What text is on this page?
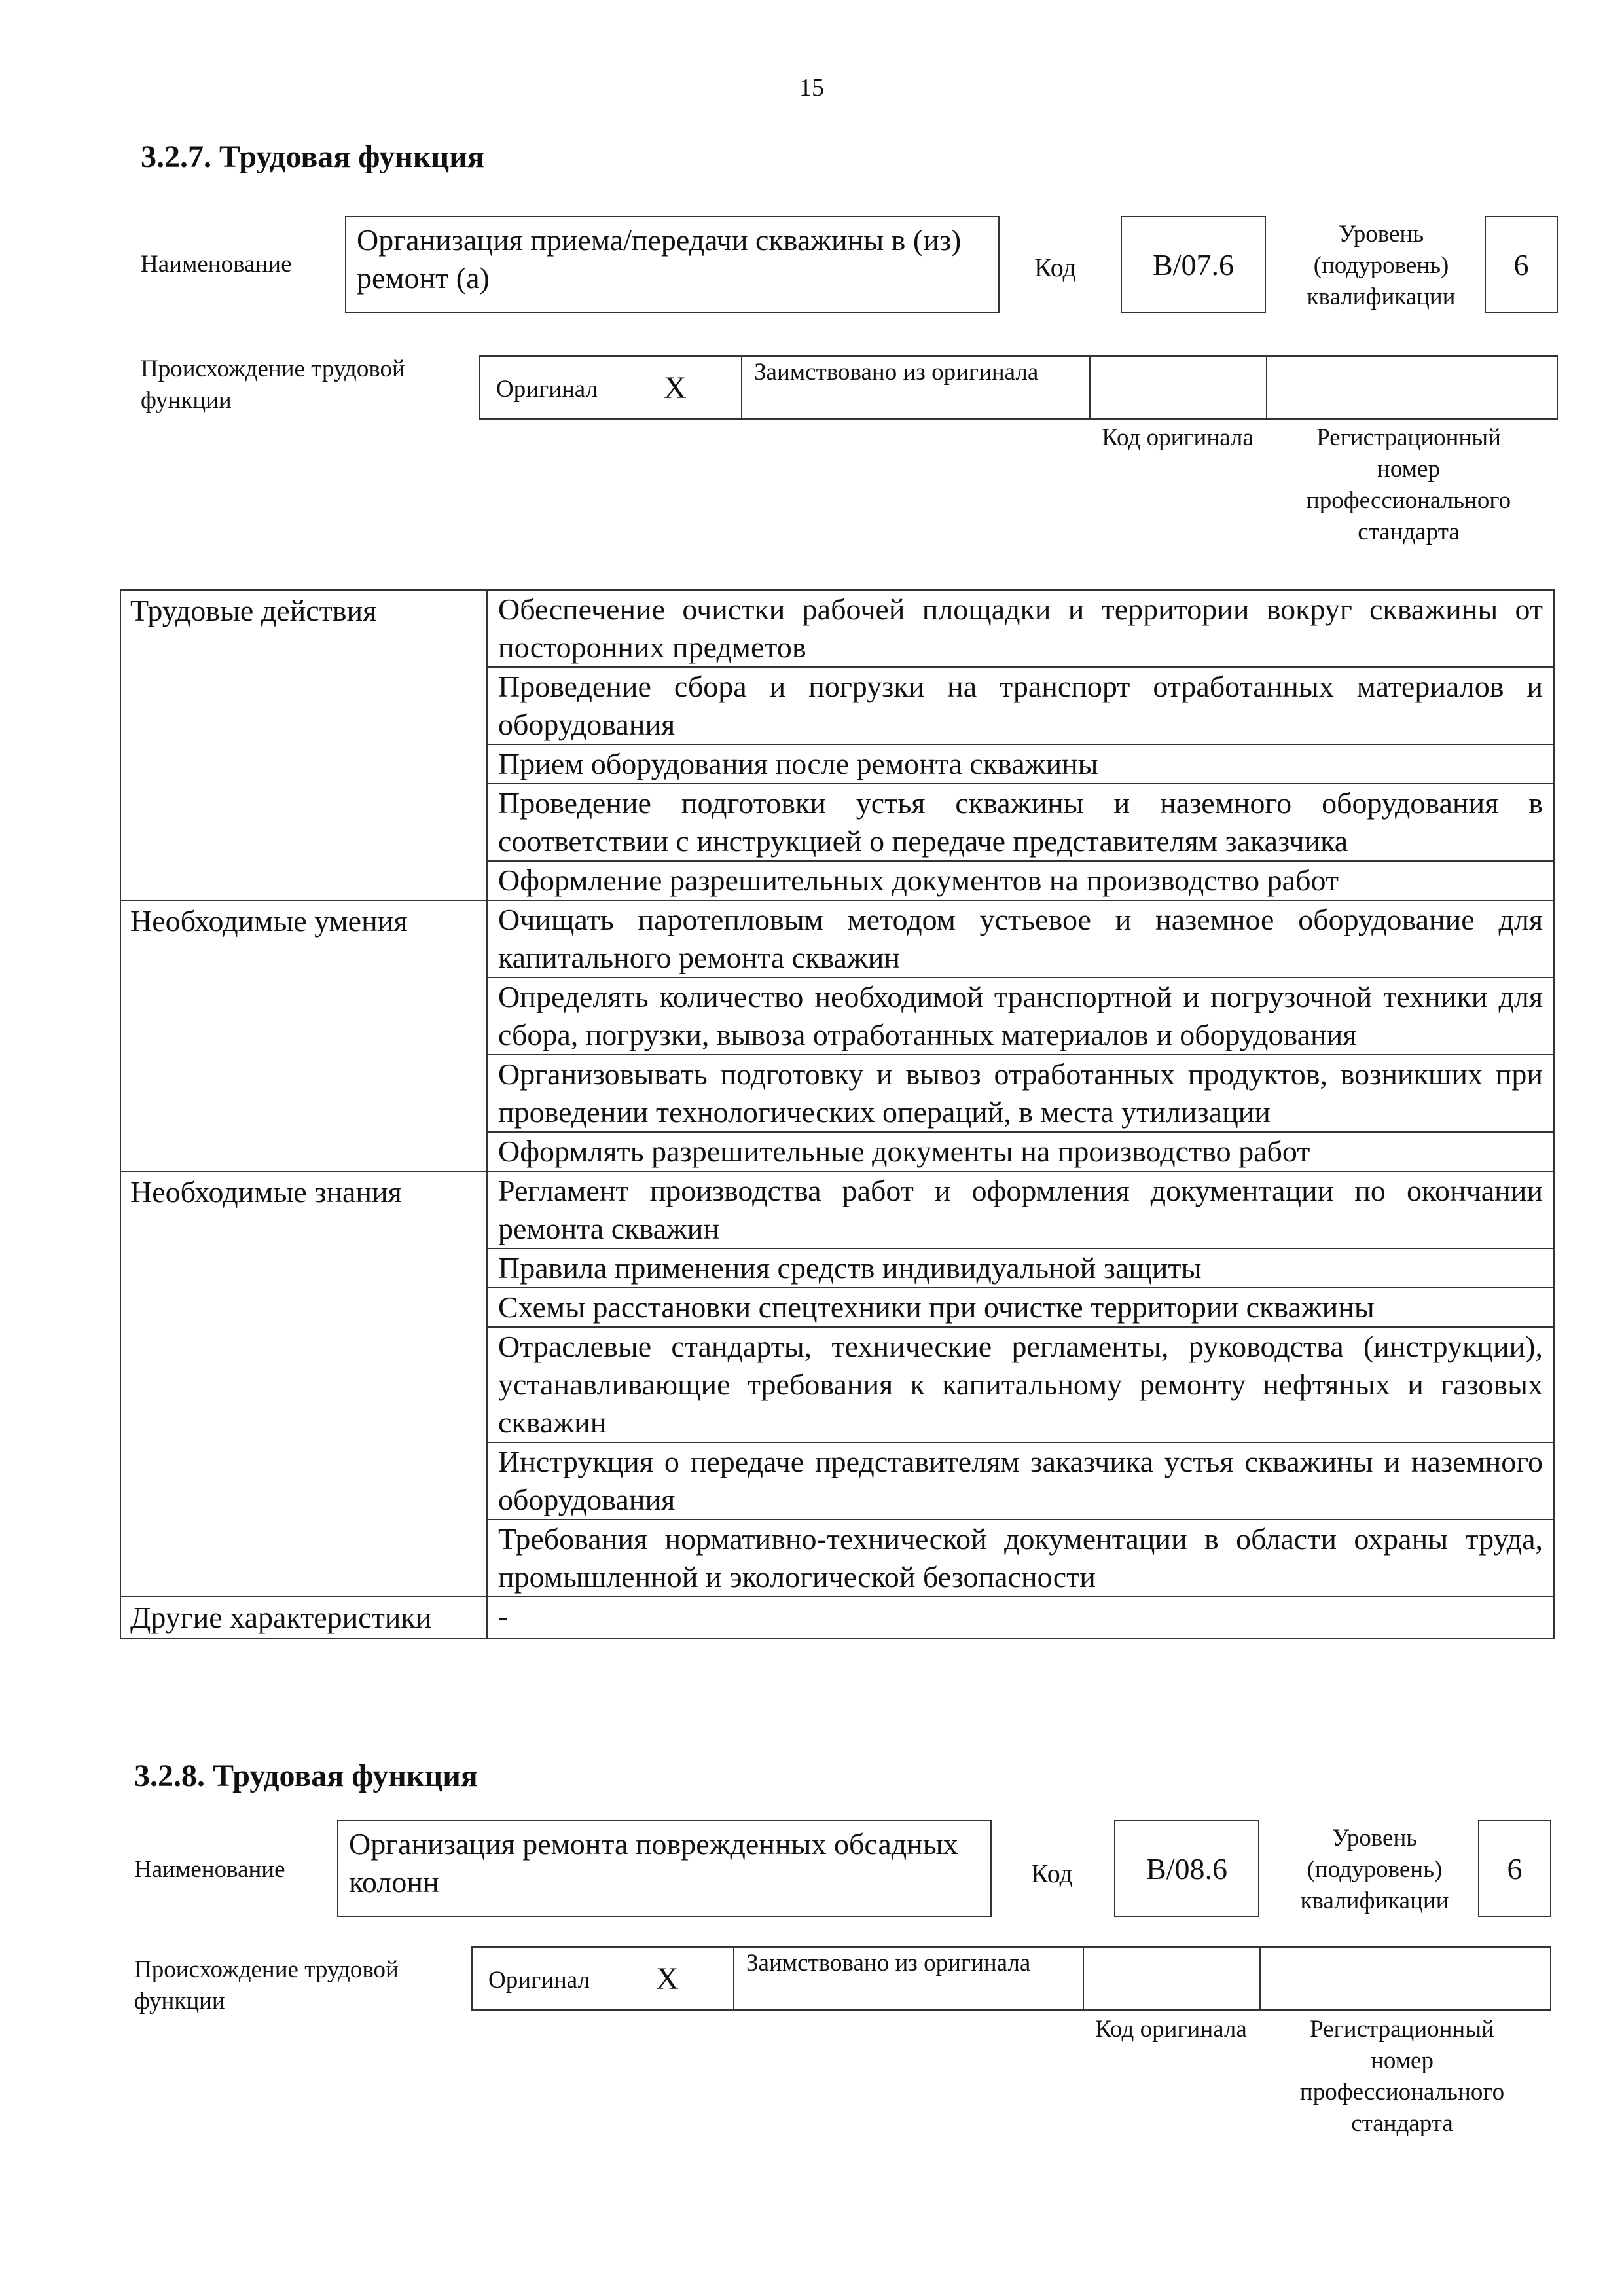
15
3.2.7. Трудовая функция
Наименование
Организация приема/передачи скважины в (из) ремонт (а)	Код	В/07.6
Уровень (подуровень) квалификации
6
Происхождение трудовой функции	Оригинал X	Заимствовано из оригинала
Код оригинала	Регистрационный номер профессионального стандарта
Трудовые действия	Обеспечение очистки рабочей площадки и территории вокруг скважины от посторонних предметов
	Проведение сбора и погрузки на транспорт отработанных материалов и оборудования
	Прием оборудования после ремонта скважины
	Проведение подготовки устья скважины и наземного оборудования в соответствии с инструкцией о передаче представителям заказчика
	Оформление разрешительных документов на производство работ
Необходимые умения	Очищать паротепловым методом устьевое и наземное оборудование для капитального ремонта скважин
	Определять количество необходимой транспортной и погрузочной техники для сбора, погрузки, вывоза отработанных материалов и оборудования
	Организовывать подготовку и вывоз отработанных продуктов, возникших при проведении технологических операций, в места утилизации
	Оформлять разрешительные документы на производство работ
Необходимые знания	Регламент производства работ и оформления документации по окончании ремонта скважин
	Правила применения средств индивидуальной защиты
	Схемы расстановки спецтехники при очистке территории скважины
	Отраслевые стандарты, технические регламенты, руководства (инструкции), устанавливающие требования к капитальному ремонту нефтяных и газовых скважин
	Инструкция о передаче представителям заказчика устья скважины и наземного оборудования
	Требования нормативно-технической документации в области охраны труда, промышленной и экологической безопасности
Другие характеристики	-
3.2.8. Трудовая функция
Наименование
Организация ремонта поврежденных обсадных колонн	Код	В/08.6
Уровень (подуровень) квалификации
6
Происхождение трудовой функции
Оригинал X	Заимствовано из оригинала
Код оригинала	Регистрационный номер профессионального стандарта
